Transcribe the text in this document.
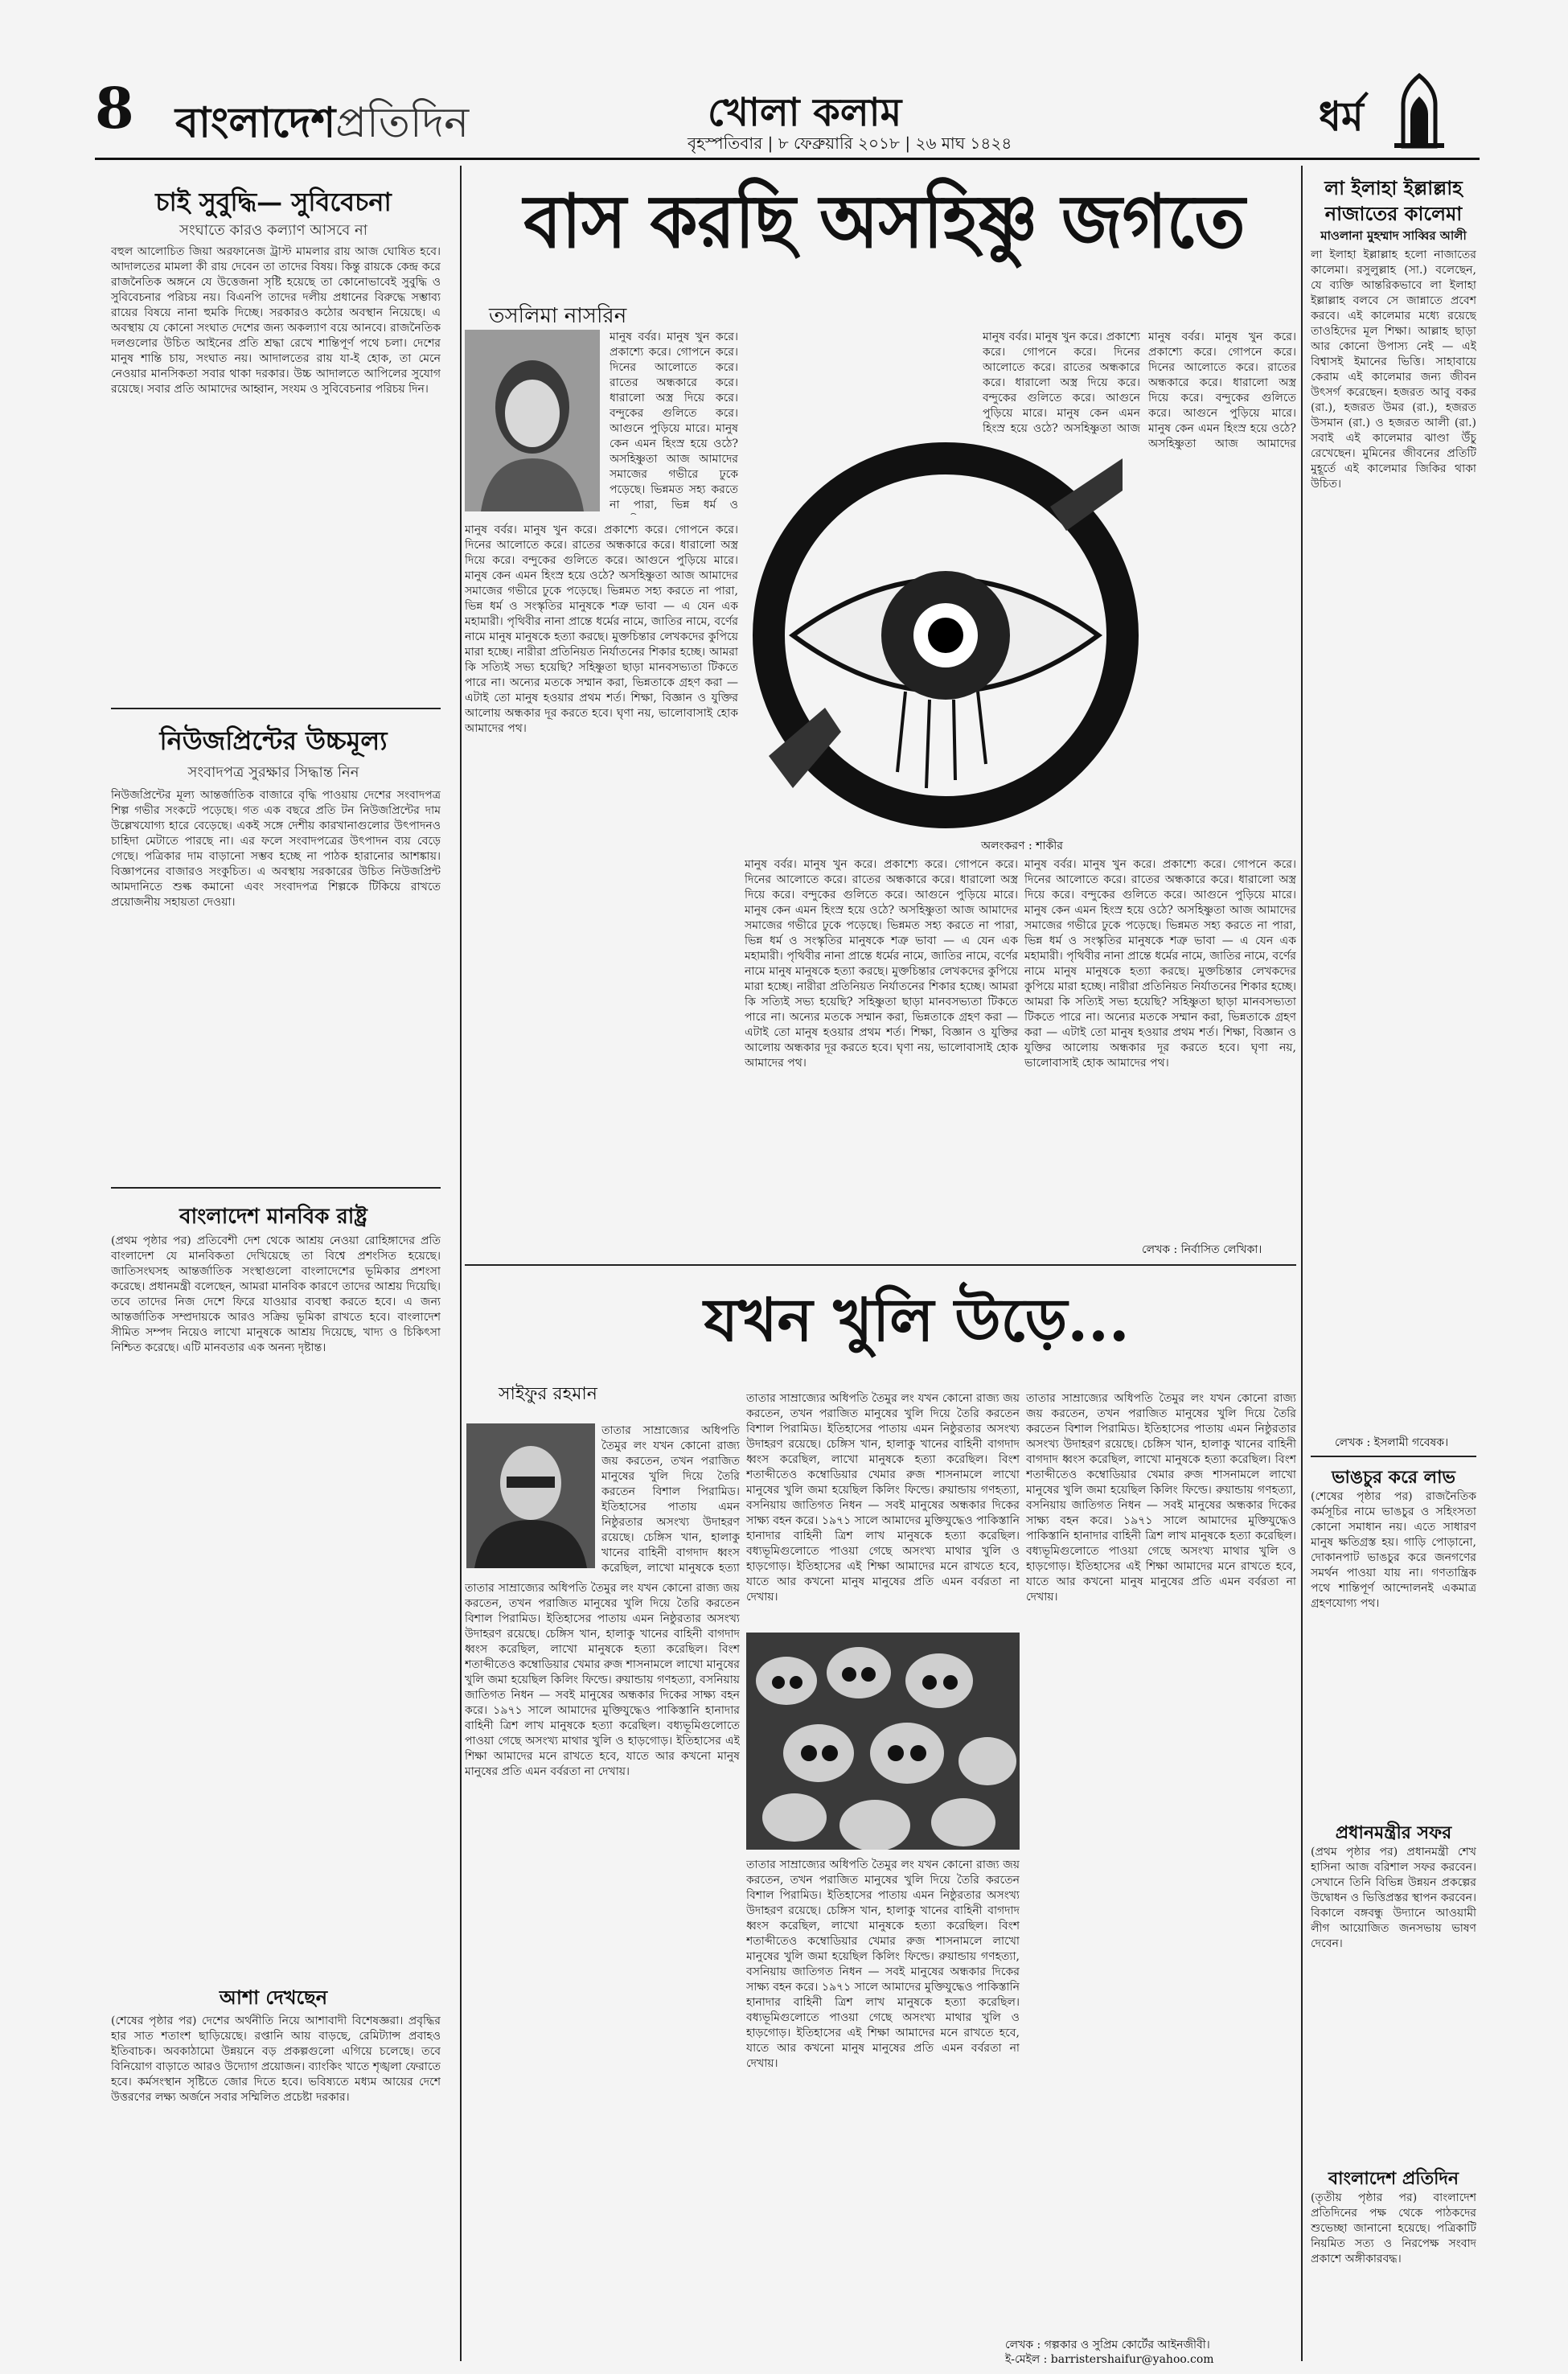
8 বাংলাদেশপ্রতিদিন	খোলা কলাম
বৃহস্পতিবার | ৮ ফেব্রুয়ারি ২০১৮ | ২৬ মাঘ ১৪২৪
ধর্ম
চাই সুবুদ্ধি— সুবিবেচনা
সংঘাতে কারও কল্যাণ আসবে না
বহুল আলোচিত জিয়া অরফানেজ ট্রাস্ট মামলার রায় আজ ঘোষিত হবে। আদালতের মামলা কী রায় দেবেন তা তাদের বিষয়। কিন্তু রায়কে কেন্দ্র করে রাজনৈতিক অঙ্গনে যে উত্তেজনা সৃষ্টি হয়েছে তা কোনোভাবেই সুবুদ্ধি ও সুবিবেচনার পরিচয় নয়। বিএনপি তাদের দলীয় প্রধানের বিরুদ্ধে সম্ভাব্য রায়ের বিষয়ে নানা হুমকি দিচ্ছে। সরকারও কঠোর অবস্থান নিয়েছে। এ অবস্থায় যে কোনো সংঘাত দেশের জন্য অকল্যাণ বয়ে আনবে। রাজনৈতিক দলগুলোর উচিত আইনের প্রতি শ্রদ্ধা রেখে শান্তিপূর্ণ পথে চলা। দেশের মানুষ শান্তি চায়, সংঘাত নয়। আদালতের রায় যা-ই হোক, তা মেনে নেওয়ার মানসিকতা সবার থাকা দরকার। উচ্চ আদালতে আপিলের সুযোগ রয়েছে। সবার প্রতি আমাদের আহ্বান, সংযম ও সুবিবেচনার পরিচয় দিন।
নিউজপ্রিন্টের উচ্চমূল্য
সংবাদপত্র সুরক্ষার সিদ্ধান্ত নিন
নিউজপ্রিন্টের মূল্য আন্তর্জাতিক বাজারে বৃদ্ধি পাওয়ায় দেশের সংবাদপত্র শিল্প গভীর সংকটে পড়েছে। গত এক বছরে প্রতি টন নিউজপ্রিন্টের দাম উল্লেখযোগ্য হারে বেড়েছে। একই সঙ্গে দেশীয় কারখানাগুলোর উৎপাদনও চাহিদা মেটাতে পারছে না। এর ফলে সংবাদপত্রের উৎপাদন ব্যয় বেড়ে গেছে। পত্রিকার দাম বাড়ানো সম্ভব হচ্ছে না পাঠক হারানোর আশঙ্কায়। বিজ্ঞাপনের বাজারও সংকুচিত। এ অবস্থায় সরকারের উচিত নিউজপ্রিন্ট আমদানিতে শুল্ক কমানো এবং সংবাদপত্র শিল্পকে টিকিয়ে রাখতে প্রয়োজনীয় সহায়তা দেওয়া।
বাংলাদেশ মানবিক রাষ্ট্র
(প্রথম পৃষ্ঠার পর) প্রতিবেশী দেশ থেকে আশ্রয় নেওয়া রোহিঙ্গাদের প্রতি বাংলাদেশ যে মানবিকতা দেখিয়েছে তা বিশ্বে প্রশংসিত হয়েছে। জাতিসংঘসহ আন্তর্জাতিক সংস্থাগুলো বাংলাদেশের ভূমিকার প্রশংসা করেছে। প্রধানমন্ত্রী বলেছেন, আমরা মানবিক কারণে তাদের আশ্রয় দিয়েছি। তবে তাদের নিজ দেশে ফিরে যাওয়ার ব্যবস্থা করতে হবে। এ জন্য আন্তর্জাতিক সম্প্রদায়কে আরও সক্রিয় ভূমিকা রাখতে হবে। বাংলাদেশ সীমিত সম্পদ নিয়েও লাখো মানুষকে আশ্রয় দিয়েছে, খাদ্য ও চিকিৎসা নিশ্চিত করেছে। এটি মানবতার এক অনন্য দৃষ্টান্ত।
আশা দেখছেন
(শেষের পৃষ্ঠার পর) দেশের অর্থনীতি নিয়ে আশাবাদী বিশেষজ্ঞরা। প্রবৃদ্ধির হার সাত শতাংশ ছাড়িয়েছে। রপ্তানি আয় বাড়ছে, রেমিট্যান্স প্রবাহও ইতিবাচক। অবকাঠামো উন্নয়নে বড় প্রকল্পগুলো এগিয়ে চলেছে। তবে বিনিয়োগ বাড়াতে আরও উদ্যোগ প্রয়োজন। ব্যাংকিং খাতে শৃঙ্খলা ফেরাতে হবে। কর্মসংস্থান সৃষ্টিতে জোর দিতে হবে। ভবিষ্যতে মধ্যম আয়ের দেশে উত্তরণের লক্ষ্য অর্জনে সবার সম্মিলিত প্রচেষ্টা দরকার।
বাস করছি অসহিষ্ণু জগতে
তসলিমা নাসরিন
মানুষ বর্বর। মানুষ খুন করে। প্রকাশ্যে করে। গোপনে করে। দিনের আলোতে করে। রাতের অন্ধকারে করে। ধারালো অস্ত্র দিয়ে করে। বন্দুকের গুলিতে করে। আগুনে পুড়িয়ে মারে। মানুষ কেন এমন হিংস্র হয়ে ওঠে? অসহিষ্ণুতা আজ আমাদের সমাজের গভীরে ঢুকে পড়েছে। ভিন্নমত সহ্য করতে না পারা, ভিন্ন ধর্ম ও
মানুষ বর্বর। মানুষ খুন করে। প্রকাশ্যে করে। গোপনে করে। দিনের আলোতে করে। রাতের অন্ধকারে করে। ধারালো অস্ত্র দিয়ে করে। বন্দুকের গুলিতে করে। আগুনে পুড়িয়ে মারে। মানুষ কেন এমন হিংস্র হয়ে ওঠে? অসহিষ্ণুতা আজ আমাদের সমাজের গভীরে ঢুকে পড়েছে। ভিন্নমত সহ্য করতে না পারা, ভিন্ন ধর্ম ও সংস্কৃতির মানুষকে শত্রু ভাবা — এ যেন এক মহামারী। পৃথিবীর নানা প্রান্তে ধর্মের নামে, জাতির নামে, বর্ণের নামে মানুষ মানুষকে হত্যা করছে। মুক্তচিন্তার লেখকদের কুপিয়ে মারা হচ্ছে। নারীরা প্রতিনিয়ত নির্যাতনের শিকার হচ্ছে। আমরা কি সত্যিই সভ্য হয়েছি? সহিষ্ণুতা ছাড়া মানবসভ্যতা টিকতে পারে না। অন্যের মতকে সম্মান করা, ভিন্নতাকে গ্রহণ করা — এটাই তো মানুষ হওয়ার প্রথম শর্ত। শিক্ষা, বিজ্ঞান ও যুক্তির আলোয় অন্ধকার দূর করতে হবে। ঘৃণা নয়, ভালোবাসাই হোক আমাদের পথ।
অলংকরণ : শাকীর
মানুষ বর্বর। মানুষ খুন করে। প্রকাশ্যে করে। গোপনে করে। দিনের আলোতে করে। রাতের অন্ধকারে করে। ধারালো অস্ত্র দিয়ে করে। বন্দুকের গুলিতে করে। আগুনে পুড়িয়ে মারে। মানুষ কেন এমন হিংস্র হয়ে ওঠে? অসহিষ্ণুতা আজ
মানুষ বর্বর। মানুষ খুন করে। প্রকাশ্যে করে। গোপনে করে। দিনের আলোতে করে। রাতের অন্ধকারে করে। ধারালো অস্ত্র দিয়ে করে। বন্দুকের গুলিতে করে। আগুনে পুড়িয়ে মারে। মানুষ কেন এমন হিংস্র হয়ে ওঠে? অসহিষ্ণুতা আজ আমাদের
মানুষ বর্বর। মানুষ খুন করে। প্রকাশ্যে করে। গোপনে করে। দিনের আলোতে করে। রাতের অন্ধকারে করে। ধারালো অস্ত্র দিয়ে করে। বন্দুকের গুলিতে করে। আগুনে পুড়িয়ে মারে। মানুষ কেন এমন হিংস্র হয়ে ওঠে? অসহিষ্ণুতা আজ আমাদের সমাজের গভীরে ঢুকে পড়েছে। ভিন্নমত সহ্য করতে না পারা, ভিন্ন ধর্ম ও সংস্কৃতির মানুষকে শত্রু ভাবা — এ যেন এক মহামারী। পৃথিবীর নানা প্রান্তে ধর্মের নামে, জাতির নামে, বর্ণের নামে মানুষ মানুষকে হত্যা করছে। মুক্তচিন্তার লেখকদের কুপিয়ে মারা হচ্ছে। নারীরা প্রতিনিয়ত নির্যাতনের শিকার হচ্ছে। আমরা কি সত্যিই সভ্য হয়েছি? সহিষ্ণুতা ছাড়া মানবসভ্যতা টিকতে পারে না। অন্যের মতকে সম্মান করা, ভিন্নতাকে গ্রহণ করা — এটাই তো মানুষ হওয়ার প্রথম শর্ত। শিক্ষা, বিজ্ঞান ও যুক্তির আলোয় অন্ধকার দূর করতে হবে। ঘৃণা নয়, ভালোবাসাই হোক আমাদের পথ।
মানুষ বর্বর। মানুষ খুন করে। প্রকাশ্যে করে। গোপনে করে। দিনের আলোতে করে। রাতের অন্ধকারে করে। ধারালো অস্ত্র দিয়ে করে। বন্দুকের গুলিতে করে। আগুনে পুড়িয়ে মারে। মানুষ কেন এমন হিংস্র হয়ে ওঠে? অসহিষ্ণুতা আজ আমাদের সমাজের গভীরে ঢুকে পড়েছে। ভিন্নমত সহ্য করতে না পারা, ভিন্ন ধর্ম ও সংস্কৃতির মানুষকে শত্রু ভাবা — এ যেন এক মহামারী। পৃথিবীর নানা প্রান্তে ধর্মের নামে, জাতির নামে, বর্ণের নামে মানুষ মানুষকে হত্যা করছে। মুক্তচিন্তার লেখকদের কুপিয়ে মারা হচ্ছে। নারীরা প্রতিনিয়ত নির্যাতনের শিকার হচ্ছে। আমরা কি সত্যিই সভ্য হয়েছি? সহিষ্ণুতা ছাড়া মানবসভ্যতা টিকতে পারে না। অন্যের মতকে সম্মান করা, ভিন্নতাকে গ্রহণ করা — এটাই তো মানুষ হওয়ার প্রথম শর্ত। শিক্ষা, বিজ্ঞান ও যুক্তির আলোয় অন্ধকার দূর করতে হবে। ঘৃণা নয়, ভালোবাসাই হোক আমাদের পথ।
লেখক : নির্বাসিত লেখিকা।
যখন খুলি উড়ে...
সাইফুর রহমান
তাতার সাম্রাজ্যের অধিপতি তৈমুর লং যখন কোনো রাজ্য জয় করতেন, তখন পরাজিত মানুষের খুলি দিয়ে তৈরি করতেন বিশাল পিরামিড। ইতিহাসের পাতায় এমন নিষ্ঠুরতার অসংখ্য উদাহরণ রয়েছে। চেঙ্গিস খান, হালাকু খানের বাহিনী বাগদাদ ধ্বংস করেছিল, লাখো মানুষকে হত্যা
তাতার সাম্রাজ্যের অধিপতি তৈমুর লং যখন কোনো রাজ্য জয় করতেন, তখন পরাজিত মানুষের খুলি দিয়ে তৈরি করতেন বিশাল পিরামিড। ইতিহাসের পাতায় এমন নিষ্ঠুরতার অসংখ্য উদাহরণ রয়েছে। চেঙ্গিস খান, হালাকু খানের বাহিনী বাগদাদ ধ্বংস করেছিল, লাখো মানুষকে হত্যা করেছিল। বিংশ শতাব্দীতেও কম্বোডিয়ার খেমার রুজ শাসনামলে লাখো মানুষের খুলি জমা হয়েছিল কিলিং ফিল্ডে। রুয়ান্ডায় গণহত্যা, বসনিয়ায় জাতিগত নিধন — সবই মানুষের অন্ধকার দিকের সাক্ষ্য বহন করে। ১৯৭১ সালে আমাদের মুক্তিযুদ্ধেও পাকিস্তানি হানাদার বাহিনী ত্রিশ লাখ মানুষকে হত্যা করেছিল। বধ্যভূমিগুলোতে পাওয়া গেছে অসংখ্য মাথার খুলি ও হাড়গোড়। ইতিহাসের এই শিক্ষা আমাদের মনে রাখতে হবে, যাতে আর কখনো মানুষ মানুষের প্রতি এমন বর্বরতা না দেখায়।
তাতার সাম্রাজ্যের অধিপতি তৈমুর লং যখন কোনো রাজ্য জয় করতেন, তখন পরাজিত মানুষের খুলি দিয়ে তৈরি করতেন বিশাল পিরামিড। ইতিহাসের পাতায় এমন নিষ্ঠুরতার অসংখ্য উদাহরণ রয়েছে। চেঙ্গিস খান, হালাকু খানের বাহিনী বাগদাদ ধ্বংস করেছিল, লাখো মানুষকে হত্যা করেছিল। বিংশ শতাব্দীতেও কম্বোডিয়ার খেমার রুজ শাসনামলে লাখো মানুষের খুলি জমা হয়েছিল কিলিং ফিল্ডে। রুয়ান্ডায় গণহত্যা, বসনিয়ায় জাতিগত নিধন — সবই মানুষের অন্ধকার দিকের সাক্ষ্য বহন করে। ১৯৭১ সালে আমাদের মুক্তিযুদ্ধেও পাকিস্তানি হানাদার বাহিনী ত্রিশ লাখ মানুষকে হত্যা করেছিল। বধ্যভূমিগুলোতে পাওয়া গেছে অসংখ্য মাথার খুলি ও হাড়গোড়। ইতিহাসের এই শিক্ষা আমাদের মনে রাখতে হবে, যাতে আর কখনো মানুষ মানুষের প্রতি এমন বর্বরতা না দেখায়।
তাতার সাম্রাজ্যের অধিপতি তৈমুর লং যখন কোনো রাজ্য জয় করতেন, তখন পরাজিত মানুষের খুলি দিয়ে তৈরি করতেন বিশাল পিরামিড। ইতিহাসের পাতায় এমন নিষ্ঠুরতার অসংখ্য উদাহরণ রয়েছে। চেঙ্গিস খান, হালাকু খানের বাহিনী বাগদাদ ধ্বংস করেছিল, লাখো মানুষকে হত্যা করেছিল। বিংশ শতাব্দীতেও কম্বোডিয়ার খেমার রুজ শাসনামলে লাখো মানুষের খুলি জমা হয়েছিল কিলিং ফিল্ডে। রুয়ান্ডায় গণহত্যা, বসনিয়ায় জাতিগত নিধন — সবই মানুষের অন্ধকার দিকের সাক্ষ্য বহন করে। ১৯৭১ সালে আমাদের মুক্তিযুদ্ধেও পাকিস্তানি হানাদার বাহিনী ত্রিশ লাখ মানুষকে হত্যা করেছিল। বধ্যভূমিগুলোতে পাওয়া গেছে অসংখ্য মাথার খুলি ও হাড়গোড়। ইতিহাসের এই শিক্ষা আমাদের মনে রাখতে হবে, যাতে আর কখনো মানুষ মানুষের প্রতি এমন বর্বরতা না দেখায়।
তাতার সাম্রাজ্যের অধিপতি তৈমুর লং যখন কোনো রাজ্য জয় করতেন, তখন পরাজিত মানুষের খুলি দিয়ে তৈরি করতেন বিশাল পিরামিড। ইতিহাসের পাতায় এমন নিষ্ঠুরতার অসংখ্য উদাহরণ রয়েছে। চেঙ্গিস খান, হালাকু খানের বাহিনী বাগদাদ ধ্বংস করেছিল, লাখো মানুষকে হত্যা করেছিল। বিংশ শতাব্দীতেও কম্বোডিয়ার খেমার রুজ শাসনামলে লাখো মানুষের খুলি জমা হয়েছিল কিলিং ফিল্ডে। রুয়ান্ডায় গণহত্যা, বসনিয়ায় জাতিগত নিধন — সবই মানুষের অন্ধকার দিকের সাক্ষ্য বহন করে। ১৯৭১ সালে আমাদের মুক্তিযুদ্ধেও পাকিস্তানি হানাদার বাহিনী ত্রিশ লাখ মানুষকে হত্যা করেছিল। বধ্যভূমিগুলোতে পাওয়া গেছে অসংখ্য মাথার খুলি ও হাড়গোড়। ইতিহাসের এই শিক্ষা আমাদের মনে রাখতে হবে, যাতে আর কখনো মানুষ মানুষের প্রতি এমন বর্বরতা না দেখায়।
লেখক : গল্পকার ও সুপ্রিম কোর্টের আইনজীবী।
ই-মেইল : barristershaifur@yahoo.com
লা ইলাহা ইল্লাল্লাহ
নাজাতের কালেমা
মাওলানা মুহম্মাদ সাব্বির আলী
লা ইলাহা ইল্লাল্লাহ হলো নাজাতের কালেমা। রসুলুল্লাহ (সা.) বলেছেন, যে ব্যক্তি আন্তরিকভাবে লা ইলাহা ইল্লাল্লাহ বলবে সে জান্নাতে প্রবেশ করবে। এই কালেমার মধ্যে রয়েছে তাওহিদের মূল শিক্ষা। আল্লাহ ছাড়া আর কোনো উপাস্য নেই — এই বিশ্বাসই ইমানের ভিত্তি। সাহাবায়ে কেরাম এই কালেমার জন্য জীবন উৎসর্গ করেছেন। হজরত আবু বকর (রা.), হজরত উমর (রা.), হজরত উসমান (রা.) ও হজরত আলী (রা.) সবাই এই কালেমার ঝাণ্ডা উঁচু রেখেছেন। মুমিনের জীবনের প্রতিটি মুহূর্তে এই কালেমার জিকির থাকা উচিত।
লেখক : ইসলামী গবেষক।
ভাঙচুর করে লাভ
(শেষের পৃষ্ঠার পর) রাজনৈতিক কর্মসূচির নামে ভাঙচুর ও সহিংসতা কোনো সমাধান নয়। এতে সাধারণ মানুষ ক্ষতিগ্রস্ত হয়। গাড়ি পোড়ানো, দোকানপাট ভাঙচুর করে জনগণের সমর্থন পাওয়া যায় না। গণতান্ত্রিক পথে শান্তিপূর্ণ আন্দোলনই একমাত্র গ্রহণযোগ্য পথ।
প্রধানমন্ত্রীর সফর
(প্রথম পৃষ্ঠার পর) প্রধানমন্ত্রী শেখ হাসিনা আজ বরিশাল সফর করবেন। সেখানে তিনি বিভিন্ন উন্নয়ন প্রকল্পের উদ্বোধন ও ভিত্তিপ্রস্তর স্থাপন করবেন। বিকালে বঙ্গবন্ধু উদ্যানে আওয়ামী লীগ আয়োজিত জনসভায় ভাষণ দেবেন।
বাংলাদেশ প্রতিদিন
(তৃতীয় পৃষ্ঠার পর) বাংলাদেশ প্রতিদিনের পক্ষ থেকে পাঠকদের শুভেচ্ছা জানানো হয়েছে। পত্রিকাটি নিয়মিত সত্য ও নিরপেক্ষ সংবাদ প্রকাশে অঙ্গীকারবদ্ধ।
